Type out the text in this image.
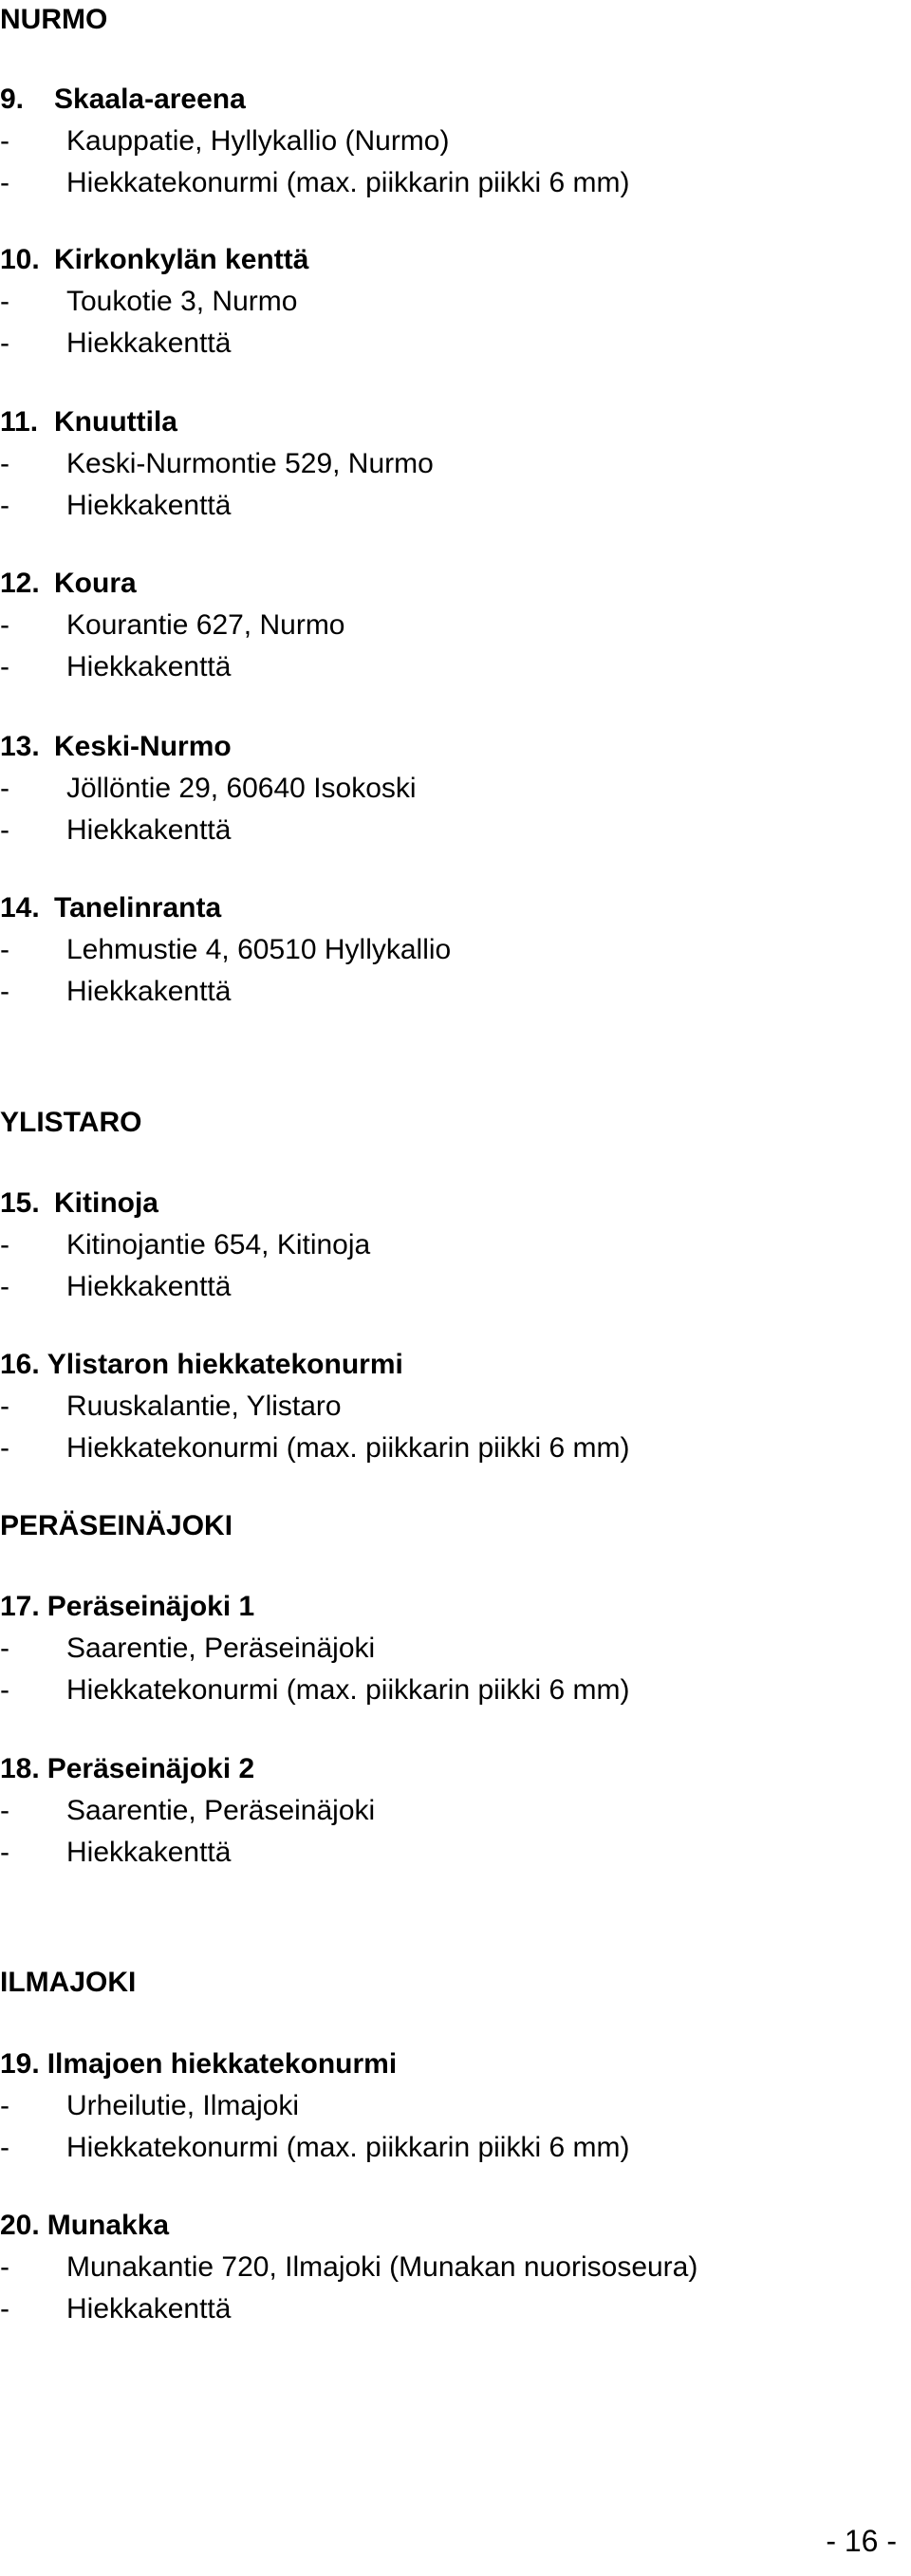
NURMO
9. Skaala-areena
- Kauppatie, Hyllykallio (Nurmo)
- Hiekkatekonurmi (max. piikkarin piikki 6 mm)
10. Kirkonkylän kenttä
- Toukotie 3, Nurmo
- Hiekkakenttä
11. Knuuttila
- Keski-Nurmontie 529, Nurmo
- Hiekkakenttä
12. Koura
- Kourantie 627, Nurmo
- Hiekkakenttä
13. Keski-Nurmo
- Jöllöntie 29, 60640 Isokoski
- Hiekkakenttä
14. Tanelinranta
- Lehmustie 4, 60510 Hyllykallio
- Hiekkakenttä
YLISTARO
15. Kitinoja
- Kitinojantie 654, Kitinoja
- Hiekkakenttä
16. Ylistaron hiekkatekonurmi
- Ruuskalantie, Ylistaro
- Hiekkatekonurmi (max. piikkarin piikki 6 mm)
PERÄSEINÄJOKI
17. Peräseinäjoki 1
- Saarentie, Peräseinäjoki
- Hiekkatekonurmi (max. piikkarin piikki 6 mm)
18. Peräseinäjoki 2
- Saarentie, Peräseinäjoki
- Hiekkakenttä
ILMAJOKI
19. Ilmajoen hiekkatekonurmi
- Urheilutie, Ilmajoki
- Hiekkatekonurmi (max. piikkarin piikki 6 mm)
20. Munakka
- Munakantie 720, Ilmajoki (Munakan nuorisoseura)
- Hiekkakenttä
- 16 -
